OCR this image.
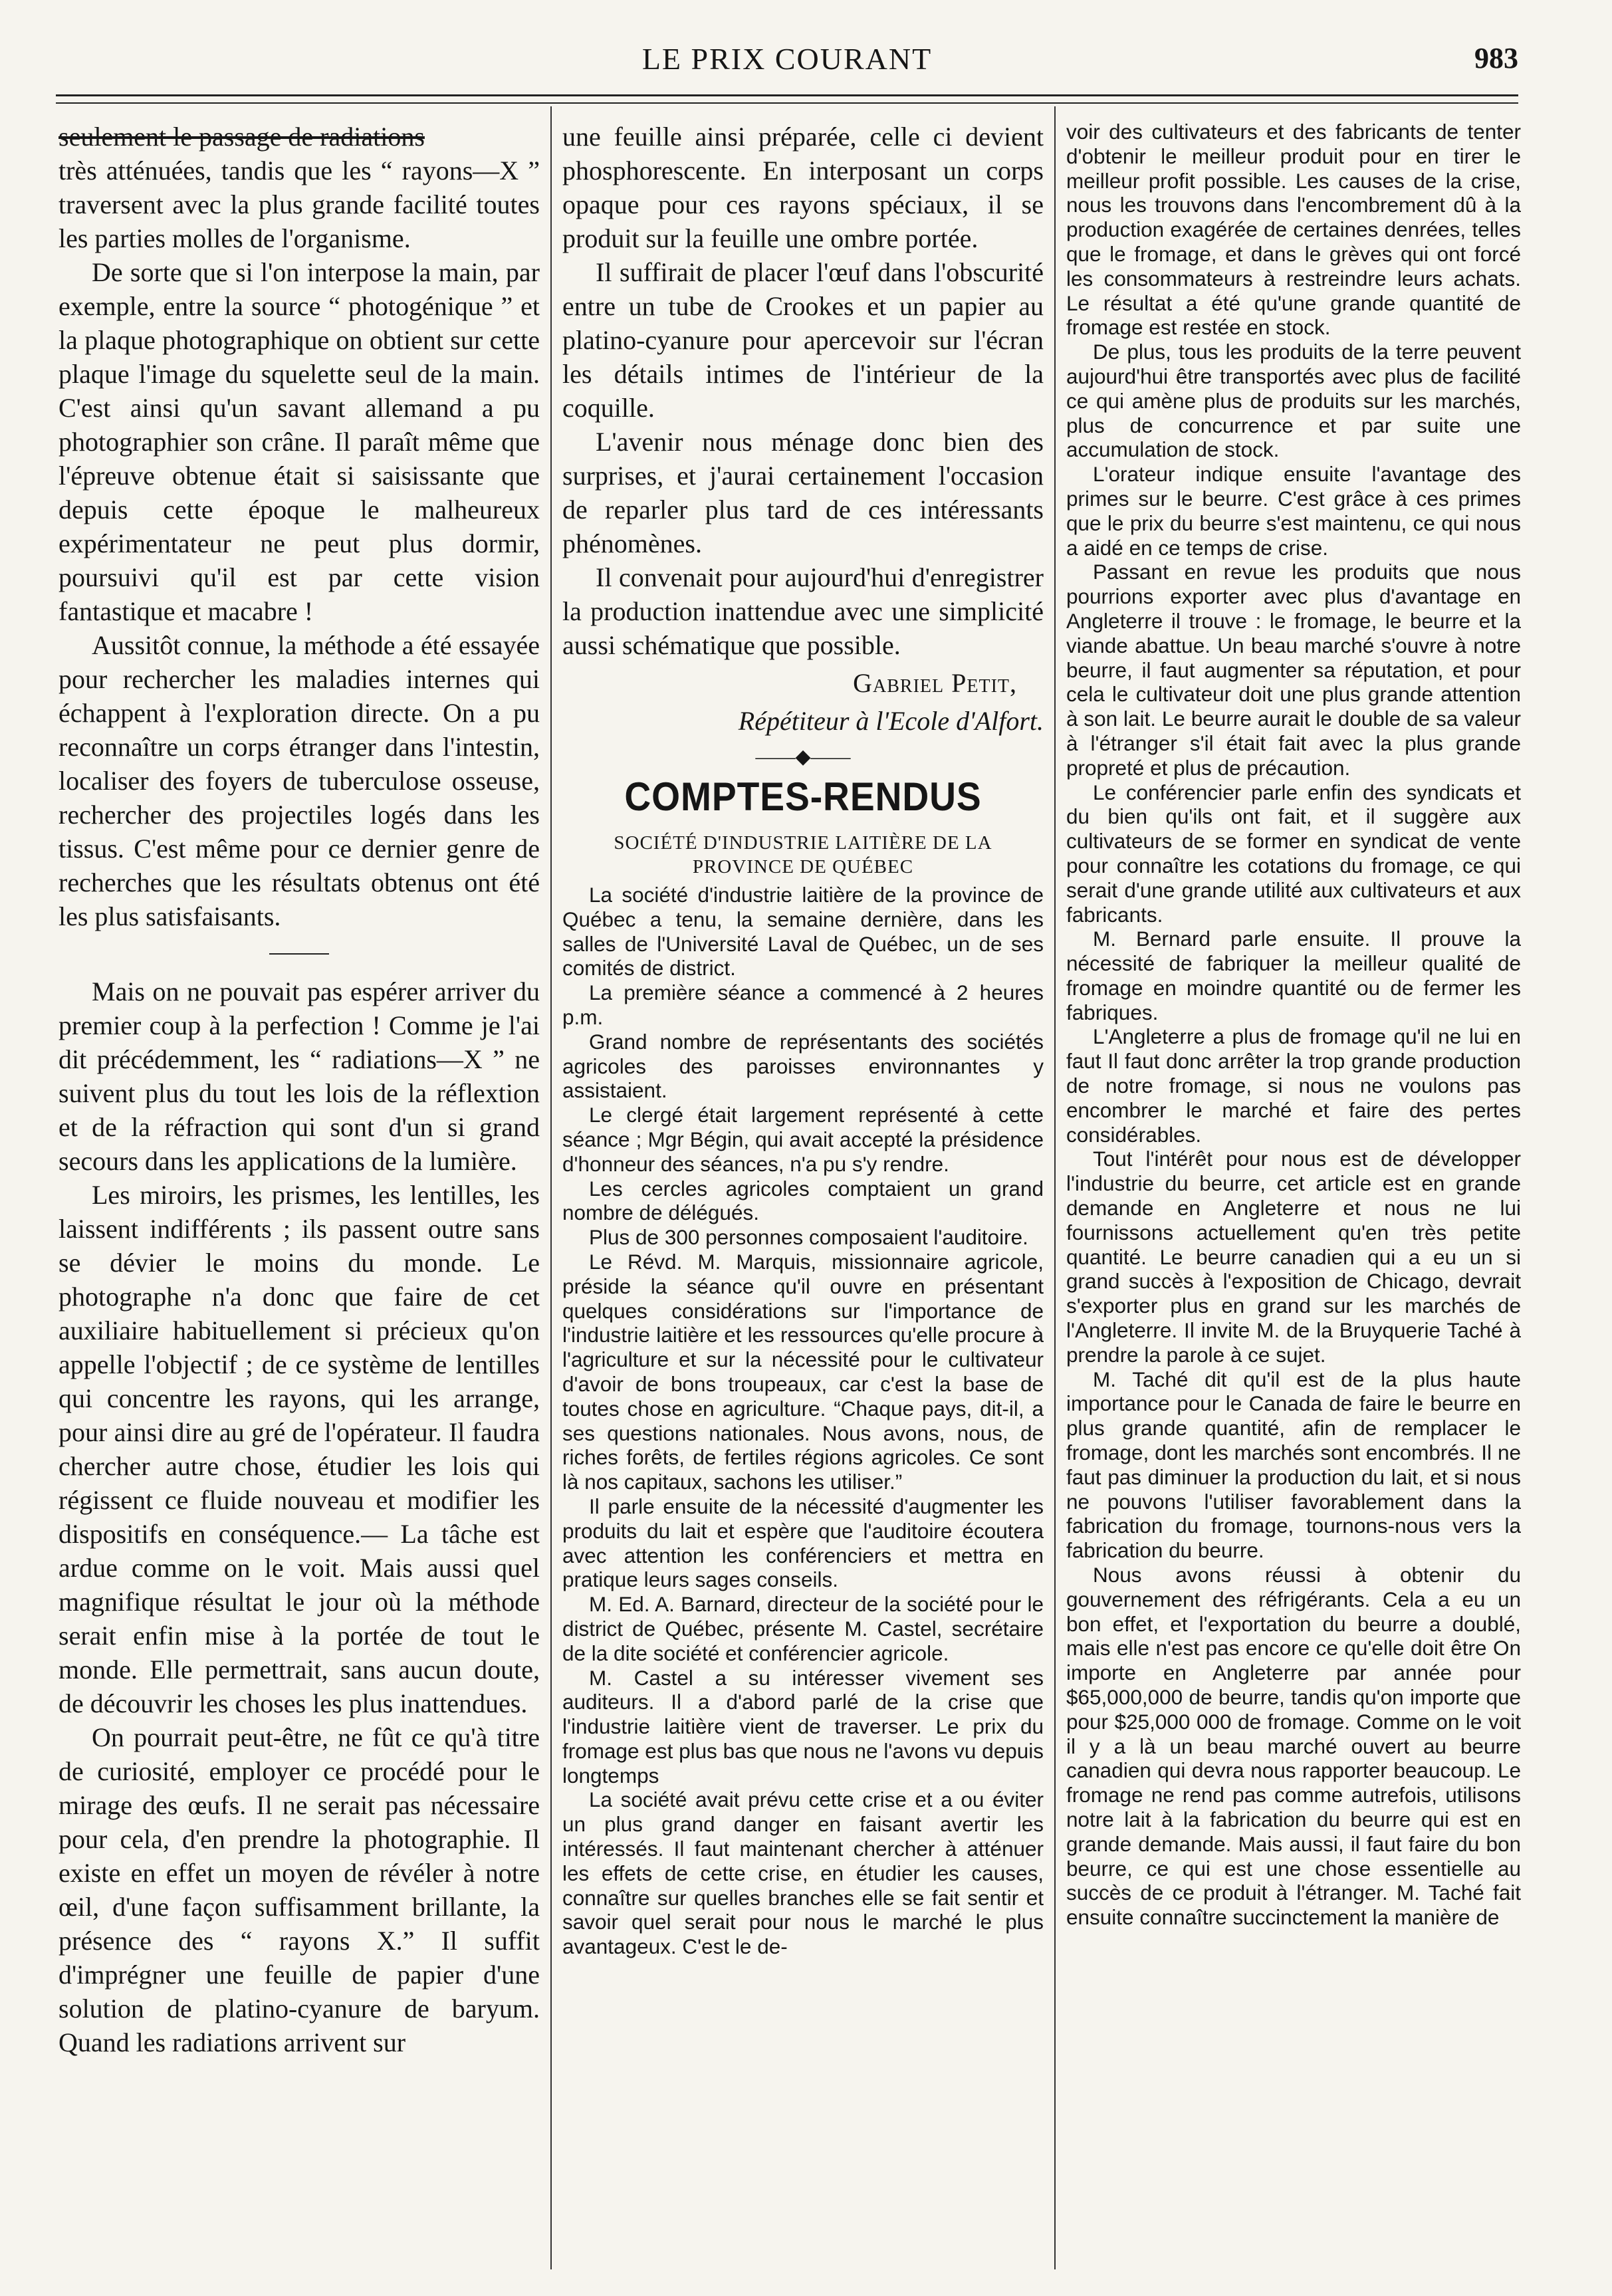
LE PRIX COURANT	983

seulement le passage de radiations

très atténuées, tandis que les “ rayons—X ” traversent avec la plus grande facilité toutes les parties molles de l'organisme.

De sorte que si l'on interpose la main, par exemple, entre la source “ photogénique ” et la plaque photographique on obtient sur cette plaque l'image du squelette seul de la main. C'est ainsi qu'un savant allemand a pu photographier son crâne. Il paraît même que l'épreuve obtenue était si saisissante que depuis cette époque le malheureux expérimentateur ne peut plus dormir, poursuivi qu'il est par cette vision fantastique et macabre !

Aussitôt connue, la méthode a été essayée pour rechercher les maladies internes qui échappent à l'exploration directe. On a pu reconnaître un corps étranger dans l'intestin, localiser des foyers de tuberculose osseuse, rechercher des projectiles logés dans les tissus. C'est même pour ce dernier genre de recherches que les résultats obtenus ont été les plus satisfaisants.

Mais on ne pouvait pas espérer arriver du premier coup à la perfection ! Comme je l'ai dit précédemment, les “ radiations—X ” ne suivent plus du tout les lois de la réflextion et de la réfraction qui sont d'un si grand secours dans les applications de la lumière.

Les miroirs, les prismes, les lentilles, les laissent indifférents ; ils passent outre sans se dévier le moins du monde. Le photographe n'a donc que faire de cet auxiliaire habituellement si précieux qu'on appelle l'objectif ; de ce système de lentilles qui concentre les rayons, qui les arrange, pour ainsi dire au gré de l'opérateur. Il faudra chercher autre chose, étudier les lois qui régissent ce fluide nouveau et modifier les dispositifs en conséquence.— La tâche est ardue comme on le voit. Mais aussi quel magnifique résultat le jour où la méthode serait enfin mise à la portée de tout le monde. Elle permettrait, sans aucun doute, de découvrir les choses les plus inattendues.

On pourrait peut-être, ne fût ce qu'à titre de curiosité, employer ce procédé pour le mirage des œufs. Il ne serait pas nécessaire pour cela, d'en prendre la photographie. Il existe en effet un moyen de révéler à notre œil, d'une façon suffisamment brillante, la présence des “ rayons X.” Il suffit d'imprégner une feuille de papier d'une solution de platino-cyanure de baryum. Quand les radiations arrivent sur

une feuille ainsi préparée, celle ci devient phosphorescente. En interposant un corps opaque pour ces rayons spéciaux, il se produit sur la feuille une ombre portée.

Il suffirait de placer l'œuf dans l'obscurité entre un tube de Crookes et un papier au platino-cyanure pour apercevoir sur l'écran les détails intimes de l'intérieur de la coquille.

L'avenir nous ménage donc bien des surprises, et j'aurai certainement l'occasion de reparler plus tard de ces intéressants phénomènes.

Il convenait pour aujourd'hui d'enregistrer la production inattendue avec une simplicité aussi schématique que possible.

Gabriel Petit,

Répétiteur à l'Ecole d'Alfort.

——◆——
COMPTES-RENDUS
SOCIÉTÉ D'INDUSTRIE LAITIÈRE DE LA PROVINCE DE QUÉBEC

La société d'industrie laitière de la province de Québec a tenu, la semaine dernière, dans les salles de l'Université Laval de Québec, un de ses comités de district.

La première séance a commencé à 2 heures p.m.

Grand nombre de représentants des sociétés agricoles des paroisses environnantes y assistaient.

Le clergé était largement représenté à cette séance ; Mgr Bégin, qui avait accepté la présidence d'honneur des séances, n'a pu s'y rendre.

Les cercles agricoles comptaient un grand nombre de délégués.

Plus de 300 personnes composaient l'auditoire.

Le Révd. M. Marquis, missionnaire agricole, préside la séance qu'il ouvre en présentant quelques considérations sur l'importance de l'industrie laitière et les ressources qu'elle procure à l'agriculture et sur la nécessité pour le cultivateur d'avoir de bons troupeaux, car c'est la base de toutes chose en agriculture. “Chaque pays, dit-il, a ses questions nationales. Nous avons, nous, de riches forêts, de fertiles régions agricoles. Ce sont là nos capitaux, sachons les utiliser.”

Il parle ensuite de la nécessité d'augmenter les produits du lait et espère que l'auditoire écoutera avec attention les conférenciers et mettra en pratique leurs sages conseils.

M. Ed. A. Barnard, directeur de la société pour le district de Québec, présente M. Castel, secrétaire de la dite société et conférencier agricole.

M. Castel a su intéresser vivement ses auditeurs. Il a d'abord parlé de la crise que l'industrie laitière vient de traverser. Le prix du fromage est plus bas que nous ne l'avons vu depuis longtemps

La société avait prévu cette crise et a ou éviter un plus grand danger en faisant avertir les intéressés. Il faut maintenant chercher à atténuer les effets de cette crise, en étudier les causes, connaître sur quelles branches elle se fait sentir et savoir quel serait pour nous le marché le plus avantageux. C'est le de-

voir des cultivateurs et des fabricants de tenter d'obtenir le meilleur produit pour en tirer le meilleur profit possible. Les causes de la crise, nous les trouvons dans l'encombrement dû à la production exagérée de certaines denrées, telles que le fromage, et dans le grèves qui ont forcé les consommateurs à restreindre leurs achats. Le résultat a été qu'une grande quantité de fromage est restée en stock.

De plus, tous les produits de la terre peuvent aujourd'hui être transportés avec plus de facilité ce qui amène plus de produits sur les marchés, plus de concurrence et par suite une accumulation de stock.

L'orateur indique ensuite l'avantage des primes sur le beurre. C'est grâce à ces primes que le prix du beurre s'est maintenu, ce qui nous a aidé en ce temps de crise.

Passant en revue les produits que nous pourrions exporter avec plus d'avantage en Angleterre il trouve : le fromage, le beurre et la viande abattue. Un beau marché s'ouvre à notre beurre, il faut augmenter sa réputation, et pour cela le cultivateur doit une plus grande attention à son lait. Le beurre aurait le double de sa valeur à l'étranger s'il était fait avec la plus grande propreté et plus de précaution.

Le conférencier parle enfin des syndicats et du bien qu'ils ont fait, et il suggère aux cultivateurs de se former en syndicat de vente pour connaître les cotations du fromage, ce qui serait d'une grande utilité aux cultivateurs et aux fabricants.

M. Bernard parle ensuite. Il prouve la nécessité de fabriquer la meilleur qualité de fromage en moindre quantité ou de fermer les fabriques.

L'Angleterre a plus de fromage qu'il ne lui en faut Il faut donc arrêter la trop grande production de notre fromage, si nous ne voulons pas encombrer le marché et faire des pertes considérables.

Tout l'intérêt pour nous est de développer l'industrie du beurre, cet article est en grande demande en Angleterre et nous ne lui fournissons actuellement qu'en très petite quantité. Le beurre canadien qui a eu un si grand succès à l'exposition de Chicago, devrait s'exporter plus en grand sur les marchés de l'Angleterre. Il invite M. de la Bruyquerie Taché à prendre la parole à ce sujet.

M. Taché dit qu'il est de la plus haute importance pour le Canada de faire le beurre en plus grande quantité, afin de remplacer le fromage, dont les marchés sont encombrés. Il ne faut pas diminuer la production du lait, et si nous ne pouvons l'utiliser favorablement dans la fabrication du fromage, tournons-nous vers la fabrication du beurre.

Nous avons réussi à obtenir du gouvernement des réfrigérants. Cela a eu un bon effet, et l'exportation du beurre a doublé, mais elle n'est pas encore ce qu'elle doit être On importe en Angleterre par année pour $65,000,000 de beurre, tandis qu'on importe que pour $25,000 000 de fromage. Comme on le voit il y a là un beau marché ouvert au beurre canadien qui devra nous rapporter beaucoup. Le fromage ne rend pas comme autrefois, utilisons notre lait à la fabrication du beurre qui est en grande demande. Mais aussi, il faut faire du bon beurre, ce qui est une chose essentielle au succès de ce produit à l'étranger. M. Taché fait ensuite connaître succinctement la manière de
